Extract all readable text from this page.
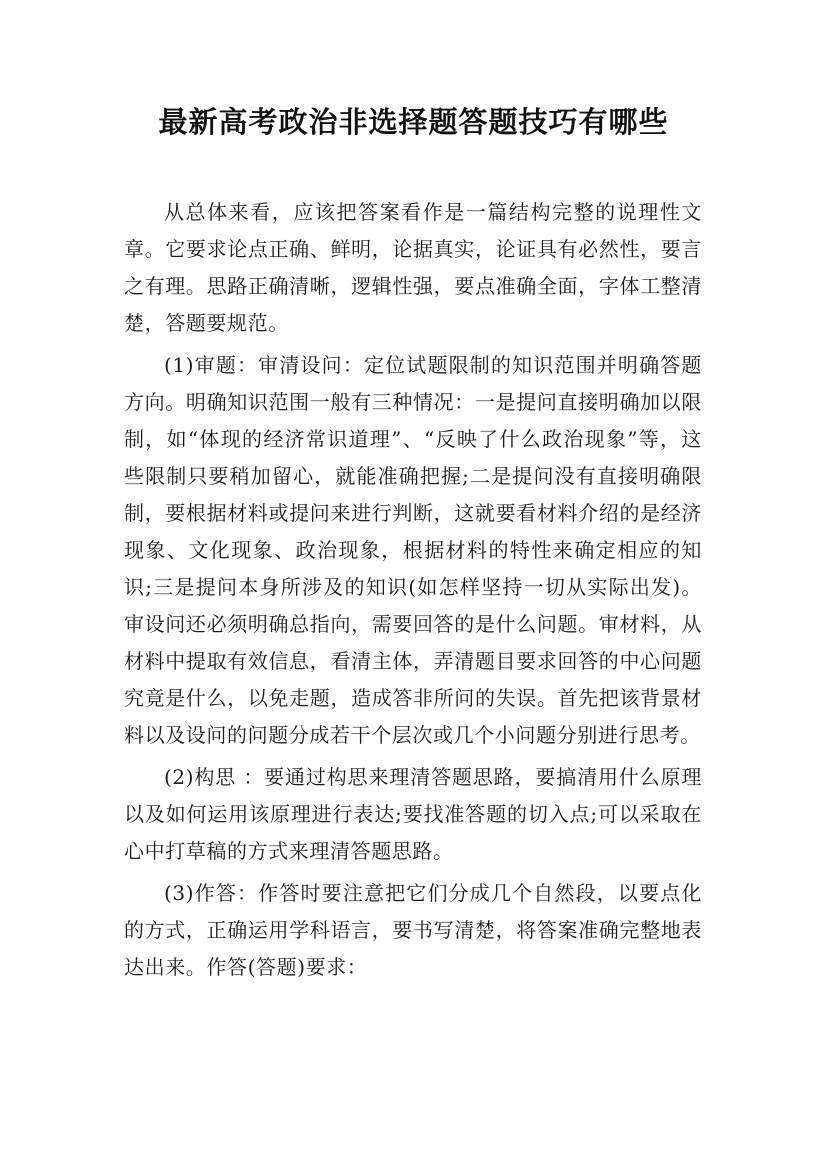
最新高考政治非选择题答题技巧有哪些

从总体来看，应该把答案看作是一篇结构完整的说理性文章。它要求论点正确、鲜明，论据真实，论证具有必然性，要言之有理。思路正确清晰，逻辑性强，要点准确全面，字体工整清楚，答题要规范。

(1)审题：审清设问：定位试题限制的知识范围并明确答题方向。明确知识范围一般有三种情况：一是提问直接明确加以限制，如“体现的经济常识道理”、“反映了什么政治现象”等，这些限制只要稍加留心，就能准确把握;二是提问没有直接明确限制，要根据材料或提问来进行判断，这就要看材料介绍的是经济现象、文化现象、政治现象，根据材料的特性来确定相应的知识;三是提问本身所涉及的知识(如怎样坚持一切从实际出发)。审设问还必须明确总指向，需要回答的是什么问题。审材料，从材料中提取有效信息，看清主体，弄清题目要求回答的中心问题究竟是什么，以免走题，造成答非所问的失误。首先把该背景材料以及设问的问题分成若干个层次或几个小问题分别进行思考。

(2)构思 ：要通过构思来理清答题思路，要搞清用什么原理以及如何运用该原理进行表达;要找准答题的切入点;可以采取在心中打草稿的方式来理清答题思路。

(3)作答：作答时要注意把它们分成几个自然段，以要点化的方式，正确运用学科语言，要书写清楚，将答案准确完整地表达出来。作答(答题)要求：
